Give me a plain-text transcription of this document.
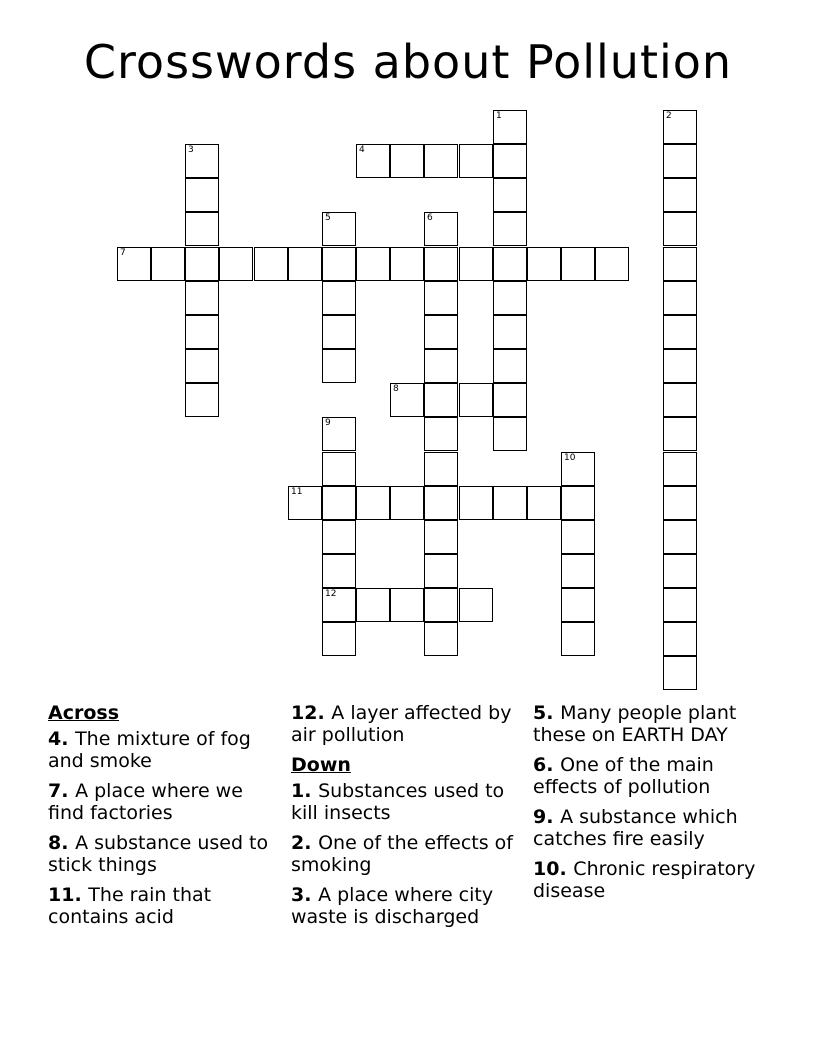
Crosswords about Pollution
1	2
3	4
5	6
7
8
9
12
10
11
Across
4. The mixture of fog and smoke
7. A place where we find factories
8. A substance used to stick things
11. The rain that contains acid
12. A layer affected by air pollution
Down
1. Substances used to kill insects
2. One of the effects of smoking
3. A place where city waste is discharged
5. Many people plant these on EARTH DAY
6. One of the main effects of pollution
9. A substance which catches fire easily
10. Chronic respiratory disease
